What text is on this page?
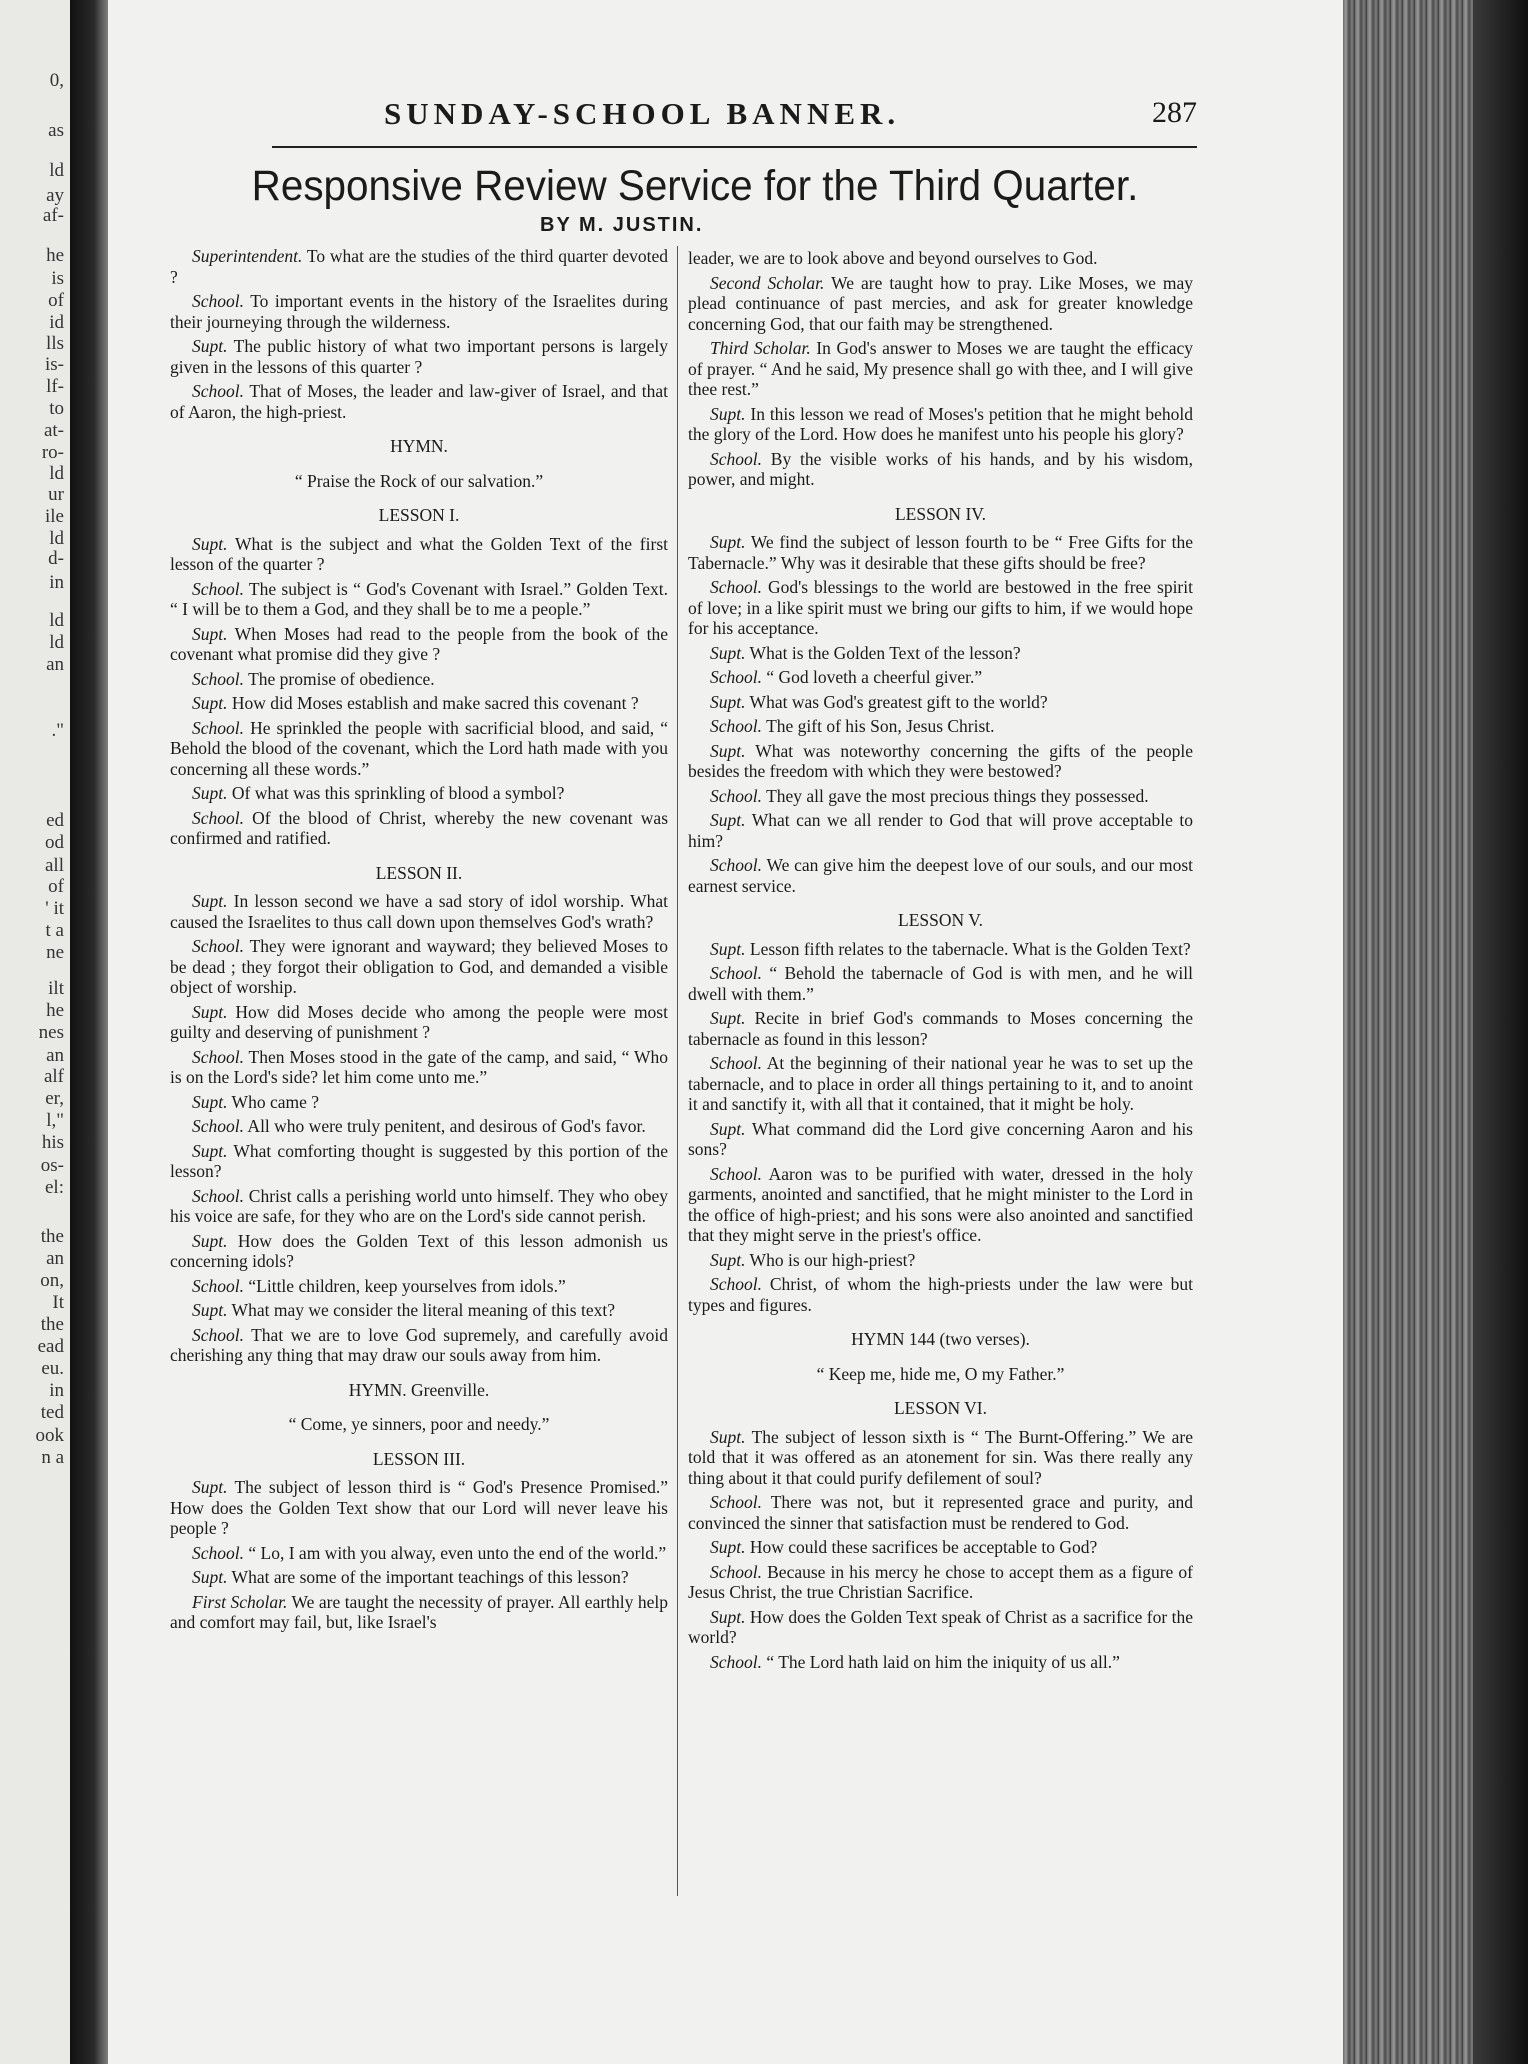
0,
as
ld
ay
af-
he
is
of
id
lls
is-
lf-
to
at-
ro-
ld
ur
ile
ld
d-
in
ld
ld
an
."
ed
od
all
of
' it
t a
ne
ilt
he
nes
an
alf
er,
l,"
his
os-
el:
the
an
on,
It
the
ead
eu.
in
ted
ook
n a
SUNDAY-SCHOOL BANNER.	287
Responsive Review Service for the Third Quarter.
BY M. JUSTIN.

Superintendent. To what are the studies of the third quarter devoted ?

School. To important events in the history of the Israelites during their journeying through the wilderness.

Supt. The public history of what two important persons is largely given in the lessons of this quarter ?

School. That of Moses, the leader and law-giver of Israel, and that of Aaron, the high-priest.

HYMN.

“ Praise the Rock of our salvation.”

LESSON I.

Supt. What is the subject and what the Golden Text of the first lesson of the quarter ?

School. The subject is “ God's Covenant with Israel.” Golden Text. “ I will be to them a God, and they shall be to me a people.”

Supt. When Moses had read to the people from the book of the covenant what promise did they give ?

School. The promise of obedience.

Supt. How did Moses establish and make sacred this covenant ?

School. He sprinkled the people with sacrificial blood, and said, “ Behold the blood of the covenant, which the Lord hath made with you concerning all these words.”

Supt. Of what was this sprinkling of blood a symbol?

School. Of the blood of Christ, whereby the new covenant was confirmed and ratified.

LESSON II.

Supt. In lesson second we have a sad story of idol worship. What caused the Israelites to thus call down upon themselves God's wrath?

School. They were ignorant and wayward; they believed Moses to be dead ; they forgot their obligation to God, and demanded a visible object of worship.

Supt. How did Moses decide who among the people were most guilty and deserving of punishment ?

School. Then Moses stood in the gate of the camp, and said, “ Who is on the Lord's side? let him come unto me.”

Supt. Who came ?

School. All who were truly penitent, and desirous of God's favor.

Supt. What comforting thought is suggested by this portion of the lesson?

School. Christ calls a perishing world unto himself. They who obey his voice are safe, for they who are on the Lord's side cannot perish.

Supt. How does the Golden Text of this lesson admonish us concerning idols?

School. “Little children, keep yourselves from idols.”

Supt. What may we consider the literal meaning of this text?

School. That we are to love God supremely, and carefully avoid cherishing any thing that may draw our souls away from him.

HYMN. Greenville.

“ Come, ye sinners, poor and needy.”

LESSON III.

Supt. The subject of lesson third is “ God's Presence Promised.” How does the Golden Text show that our Lord will never leave his people ?

School. “ Lo, I am with you alway, even unto the end of the world.”

Supt. What are some of the important teachings of this lesson?

First Scholar. We are taught the necessity of prayer. All earthly help and comfort may fail, but, like Israel's

leader, we are to look above and beyond ourselves to God.

Second Scholar. We are taught how to pray. Like Moses, we may plead continuance of past mercies, and ask for greater knowledge concerning God, that our faith may be strengthened.

Third Scholar. In God's answer to Moses we are taught the efficacy of prayer. “ And he said, My presence shall go with thee, and I will give thee rest.”

Supt. In this lesson we read of Moses's petition that he might behold the glory of the Lord. How does he manifest unto his people his glory?

School. By the visible works of his hands, and by his wisdom, power, and might.

LESSON IV.

Supt. We find the subject of lesson fourth to be “ Free Gifts for the Tabernacle.” Why was it desirable that these gifts should be free?

School. God's blessings to the world are bestowed in the free spirit of love; in a like spirit must we bring our gifts to him, if we would hope for his acceptance.

Supt. What is the Golden Text of the lesson?

School. “ God loveth a cheerful giver.”

Supt. What was God's greatest gift to the world?

School. The gift of his Son, Jesus Christ.

Supt. What was noteworthy concerning the gifts of the people besides the freedom with which they were bestowed?

School. They all gave the most precious things they possessed.

Supt. What can we all render to God that will prove acceptable to him?

School. We can give him the deepest love of our souls, and our most earnest service.

LESSON V.

Supt. Lesson fifth relates to the tabernacle. What is the Golden Text?

School. “ Behold the tabernacle of God is with men, and he will dwell with them.”

Supt. Recite in brief God's commands to Moses concerning the tabernacle as found in this lesson?

School. At the beginning of their national year he was to set up the tabernacle, and to place in order all things pertaining to it, and to anoint it and sanctify it, with all that it contained, that it might be holy.

Supt. What command did the Lord give concerning Aaron and his sons?

School. Aaron was to be purified with water, dressed in the holy garments, anointed and sanctified, that he might minister to the Lord in the office of high-priest; and his sons were also anointed and sanctified that they might serve in the priest's office.

Supt. Who is our high-priest?

School. Christ, of whom the high-priests under the law were but types and figures.

HYMN 144 (two verses).

“ Keep me, hide me, O my Father.”

LESSON VI.

Supt. The subject of lesson sixth is “ The Burnt-Offering.” We are told that it was offered as an atonement for sin. Was there really any thing about it that could purify defilement of soul?

School. There was not, but it represented grace and purity, and convinced the sinner that satisfaction must be rendered to God.

Supt. How could these sacrifices be acceptable to God?

School. Because in his mercy he chose to accept them as a figure of Jesus Christ, the true Christian Sacrifice.

Supt. How does the Golden Text speak of Christ as a sacrifice for the world?

School. “ The Lord hath laid on him the iniquity of us all.”
